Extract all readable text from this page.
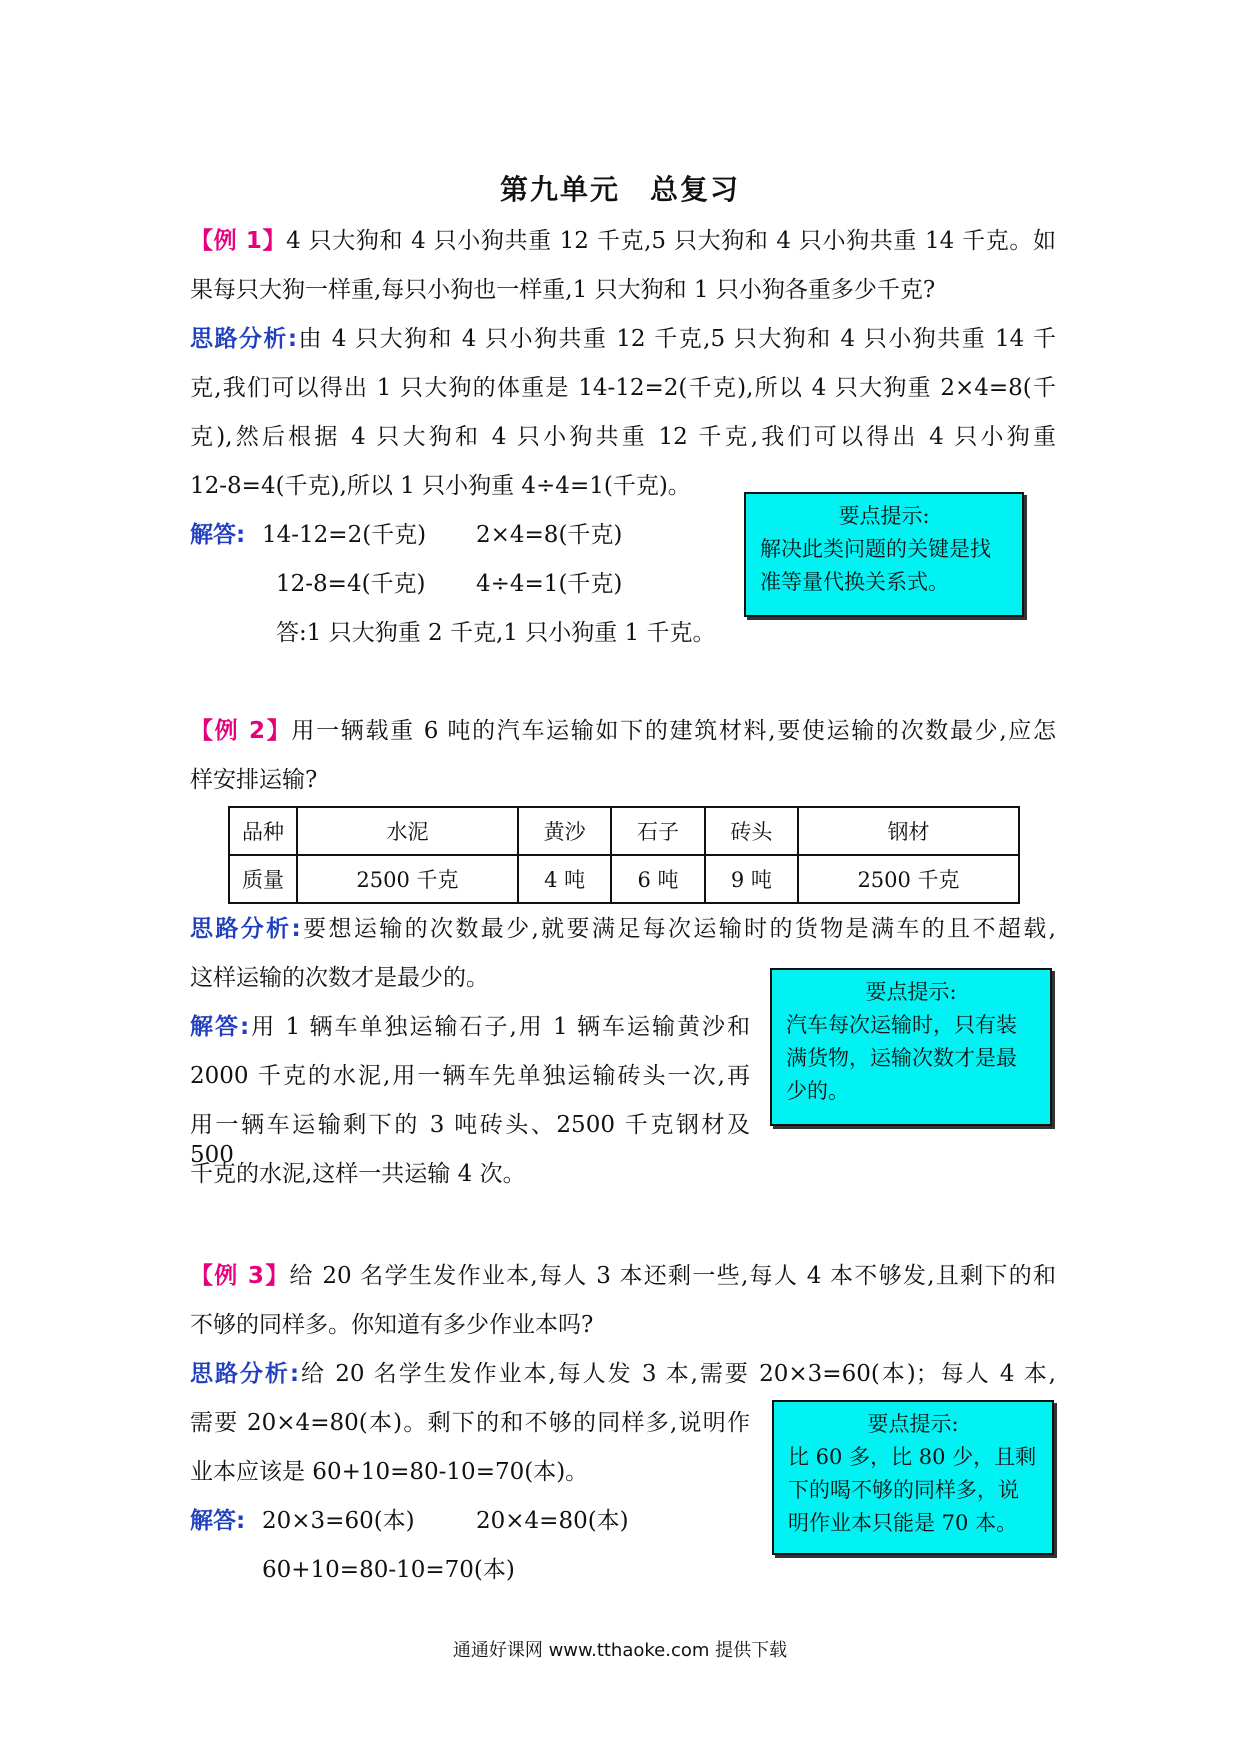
第九单元　总复习
【例 1】4 只大狗和 4 只小狗共重 12 千克,5 只大狗和 4 只小狗共重 14 千克。如
果每只大狗一样重,每只小狗也一样重,1 只大狗和 1 只小狗各重多少千克?
思路分析:由 4 只大狗和 4 只小狗共重 12 千克,5 只大狗和 4 只小狗共重 14 千
克,我们可以得出 1 只大狗的体重是 14-12=2(千克),所以 4 只大狗重 2×4=8(千
克),然后根据 4 只大狗和 4 只小狗共重 12 千克,我们可以得出 4 只小狗重
12-8=4(千克),所以 1 只小狗重 4÷4=1(千克)。
解答: 14-12=2(千克) 2×4=8(千克)
12-8=4(千克) 4÷4=1(千克)
答:1 只大狗重 2 千克,1 只小狗重 1 千克。
要点提示:
解决此类问题的关键是找
准等量代换关系式。
【例 2】用一辆载重 6 吨的汽车运输如下的建筑材料,要使运输的次数最少,应怎
样安排运输?
品种	水泥	黄沙	石子	砖头	钢材
质量	2500 千克	4 吨	6 吨	9 吨	2500 千克
思路分析:要想运输的次数最少,就要满足每次运输时的货物是满车的且不超载,
这样运输的次数才是最少的。
解答:用 1 辆车单独运输石子,用 1 辆车运输黄沙和
2000 千克的水泥,用一辆车先单独运输砖头一次,再
用一辆车运输剩下的 3 吨砖头、2500 千克钢材及 500
千克的水泥,这样一共运输 4 次。
要点提示:
汽车每次运输时，只有装
满货物，运输次数才是最
少的。
【例 3】给 20 名学生发作业本,每人 3 本还剩一些,每人 4 本不够发,且剩下的和
不够的同样多。你知道有多少作业本吗?
思路分析:给 20 名学生发作业本,每人发 3 本,需要 20×3=60(本)；每人 4 本,
需要 20×4=80(本)。剩下的和不够的同样多,说明作
业本应该是 60+10=80-10=70(本)。
解答: 20×3=60(本)	20×4=80(本)
60+10=80-10=70(本)
要点提示:
比 60 多，比 80 少，且剩
下的喝不够的同样多，说
明作业本只能是 70 本。
通通好课网 www.tthaoke.com 提供下载
